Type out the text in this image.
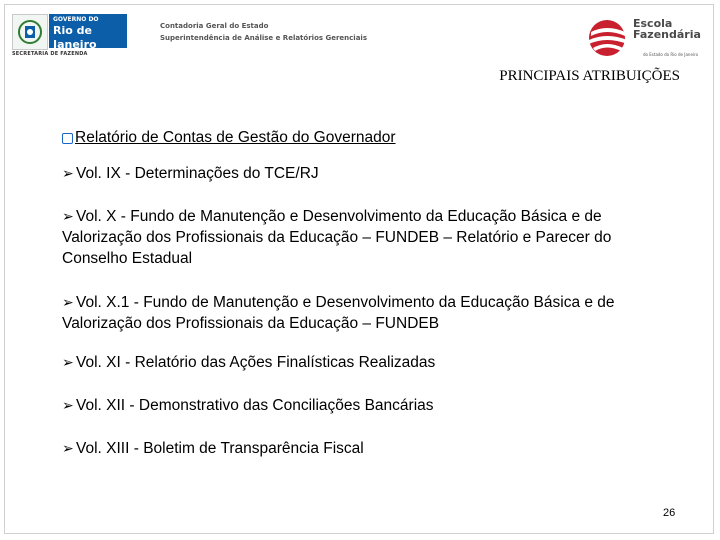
GOVERNO DO
Rio de Janeiro
SECRETARIA DE FAZENDA
Contadoria Geral do Estado
Superintendência de Análise e Relatórios Gerenciais
Escola
Fazendária
do Estado do Rio de Janeiro
PRINCIPAIS ATRIBUIÇÕES
Relatório de Contas de Gestão do Governador
➢ Vol. IX - Determinações do TCE/RJ
➢ Vol. X - Fundo de Manutenção e Desenvolvimento da Educação Básica e de Valorização dos Profissionais da Educação – FUNDEB – Relatório e Parecer do Conselho Estadual
➢ Vol. X.1 - Fundo de Manutenção e Desenvolvimento da Educação Básica e de Valorização dos Profissionais da Educação – FUNDEB
➢ Vol. XI - Relatório das Ações Finalísticas Realizadas
➢ Vol. XII - Demonstrativo das Conciliações Bancárias
➢ Vol. XIII - Boletim de Transparência Fiscal
26
